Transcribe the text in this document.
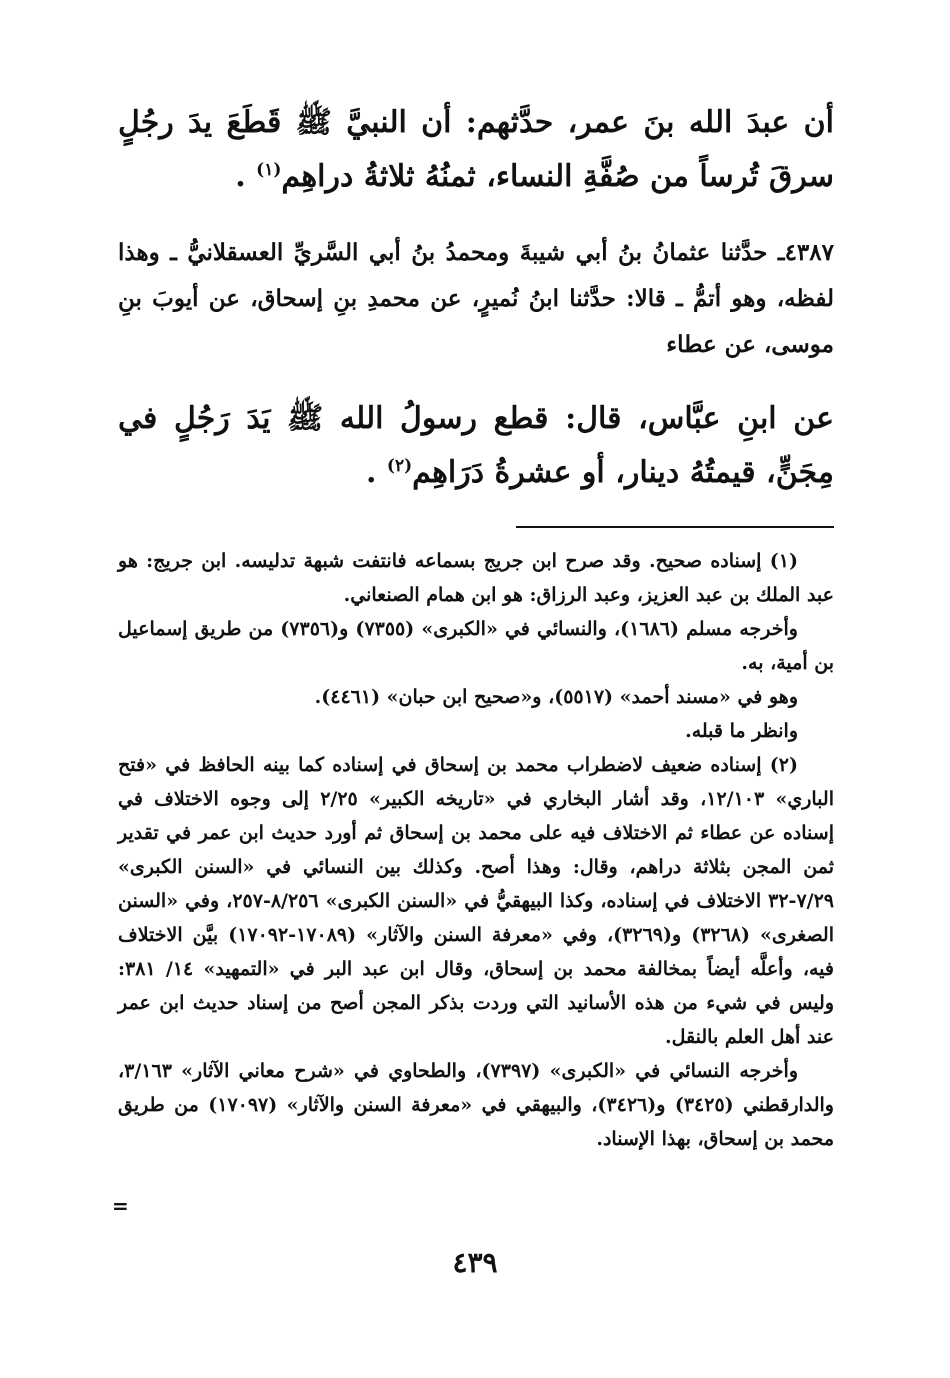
أن عبدَ الله بنَ عمر، حدَّثهم: أن النبيَّ ﷺ قَطَعَ يدَ رجُلٍ سرقَ تُرساً من صُفَّةِ النساء، ثمنُهُ ثلاثةُ دراهِم$^{(١)}$ .

٤٣٨٧ـ حدَّثنا عثمانُ بنُ أبي شيبةَ ومحمدُ بنُ أبي السَّريِّ العسقلانيُّ ـ وهذا لفظه، وهو أتمُّ ـ قالا: حدَّثنا ابنُ نُميرٍ، عن محمدِ بنِ إسحاق، عن أيوبَ بنِ موسى، عن عطاء

عن ابنِ عبَّاس، قال: قطع رسولُ الله ﷺ يَدَ رَجُلٍ في مِجَنٍّ، قيمتُهُ دينار، أو عشرةُ دَرَاهِم$^{(٢)}$ .

(١) إسناده صحيح. وقد صرح ابن جريج بسماعه فانتفت شبهة تدليسه. ابن جريج: هو عبد الملك بن عبد العزيز، وعبد الرزاق: هو ابن همام الصنعاني.

وأخرجه مسلم (١٦٨٦)، والنسائي في «الكبرى» (٧٣٥٥) و(٧٣٥٦) من طريق إسماعيل بن أمية، به.

وهو في «مسند أحمد» (٥٥١٧)، و«صحيح ابن حبان» (٤٤٦١).

وانظر ما قبله.

(٢) إسناده ضعيف لاضطراب محمد بن إسحاق في إسناده كما بينه الحافظ في «فتح الباري» ١٢/١٠٣، وقد أشار البخاري في «تاريخه الكبير» ٢/٢٥ إلى وجوه الاختلاف في إسناده عن عطاء ثم الاختلاف فيه على محمد بن إسحاق ثم أورد حديث ابن عمر في تقدير ثمن المجن بثلاثة دراهم، وقال: وهذا أصح. وكذلك بين النسائي في «السنن الكبرى» ٧/٢٩-٣٢ الاختلاف في إسناده، وكذا البيهقيُّ في «السنن الكبرى» ٨/٢٥٦-٢٥٧، وفي «السنن الصغرى» (٣٢٦٨) و(٣٢٦٩)، وفي «معرفة السنن والآثار» (١٧٠٨٩-١٧٠٩٢) بيَّن الاختلاف فيه، وأعلَّه أيضاً بمخالفة محمد بن إسحاق، وقال ابن عبد البر في «التمهيد» ١٤/ ٣٨١: وليس في شيء من هذه الأسانيد التي وردت بذكر المجن أصح من إسناد حديث ابن عمر عند أهل العلم بالنقل.

وأخرجه النسائي في «الكبرى» (٧٣٩٧)، والطحاوي في «شرح معاني الآثار» ٣/١٦٣، والدارقطني (٣٤٢٥) و(٣٤٢٦)، والبيهقي في «معرفة السنن والآثار» (١٧٠٩٧) من طريق محمد بن إسحاق، بهذا الإسناد.

=
٤٣٩
